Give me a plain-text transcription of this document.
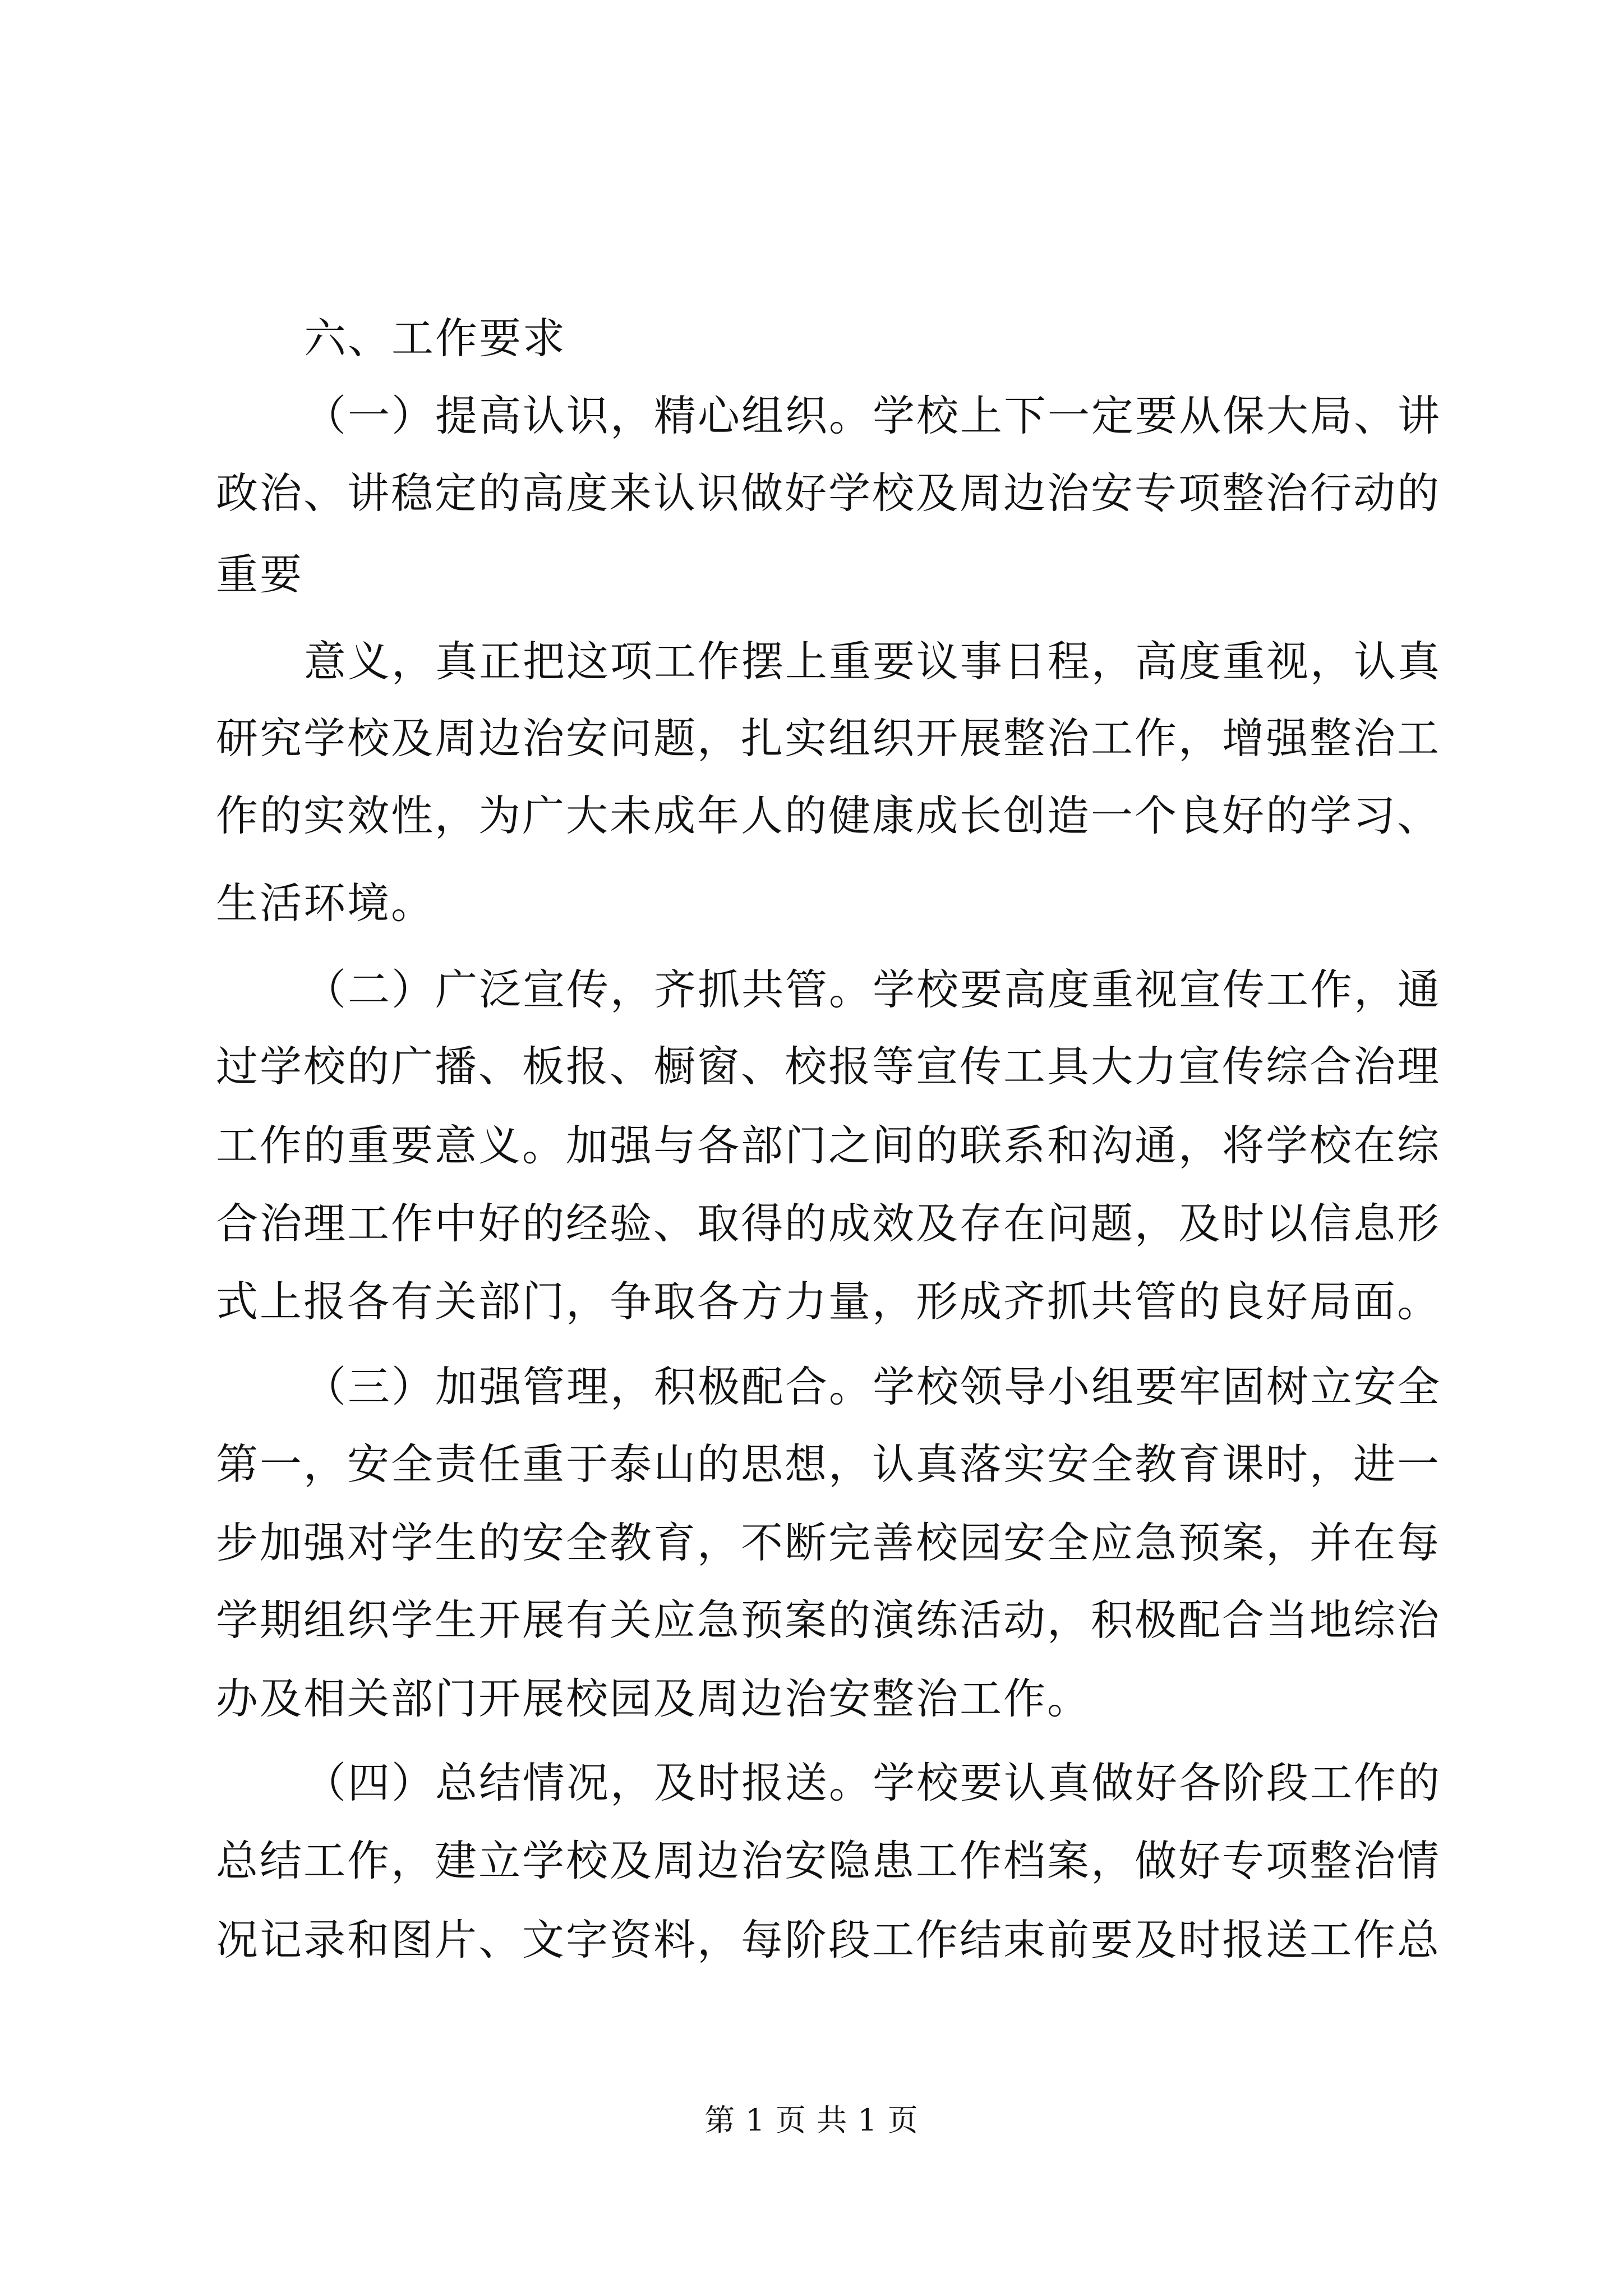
六、工作要求
（一）提高认识，精心组织。学校上下一定要从保大局、讲
政治、讲稳定的高度来认识做好学校及周边治安专项整治行动的
重要
意义，真正把这项工作摆上重要议事日程，高度重视，认真
研究学校及周边治安问题，扎实组织开展整治工作，增强整治工
作的实效性，为广大未成年人的健康成长创造一个良好的学习、
生活环境。
（二）广泛宣传，齐抓共管。学校要高度重视宣传工作，通
过学校的广播、板报、橱窗、校报等宣传工具大力宣传综合治理
工作的重要意义。加强与各部门之间的联系和沟通，将学校在综
合治理工作中好的经验、取得的成效及存在问题，及时以信息形
式上报各有关部门，争取各方力量，形成齐抓共管的良好局面。
（三）加强管理，积极配合。学校领导小组要牢固树立安全
第一，安全责任重于泰山的思想，认真落实安全教育课时，进一
步加强对学生的安全教育，不断完善校园安全应急预案，并在每
学期组织学生开展有关应急预案的演练活动，积极配合当地综治
办及相关部门开展校园及周边治安整治工作。
（四）总结情况，及时报送。学校要认真做好各阶段工作的
总结工作，建立学校及周边治安隐患工作档案，做好专项整治情
况记录和图片、文字资料，每阶段工作结束前要及时报送工作总
第 1 页 共 1 页
